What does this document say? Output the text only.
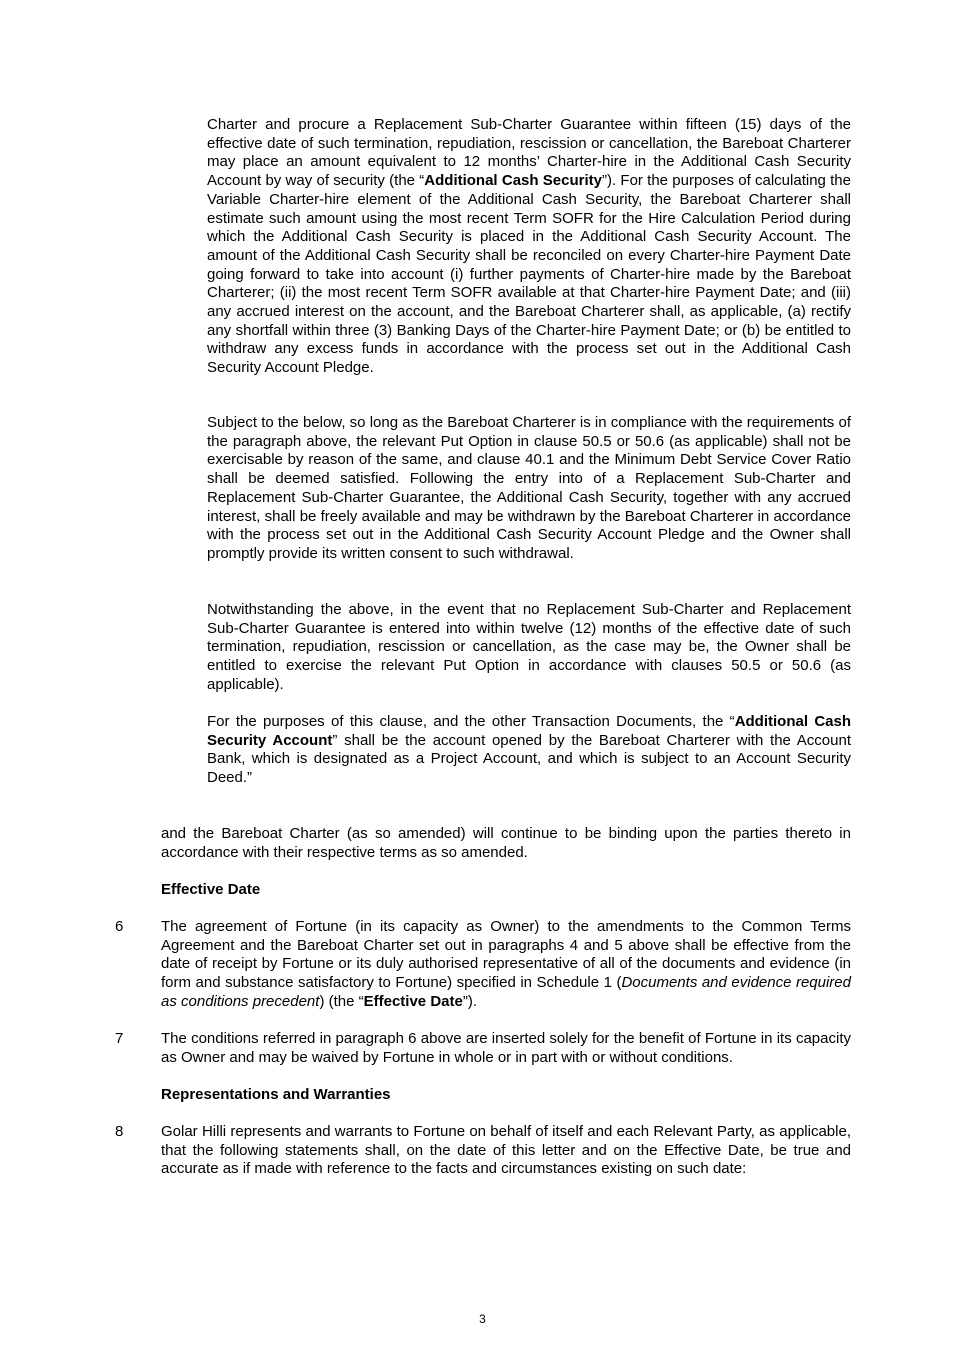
Charter and procure a Replacement Sub-Charter Guarantee within fifteen (15) days of the effective date of such termination, repudiation, rescission or cancellation, the Bareboat Charterer may place an amount equivalent to 12 months’ Charter-hire in the Additional Cash Security Account by way of security (the “Additional Cash Security”). For the purposes of calculating the Variable Charter-hire element of the Additional Cash Security, the Bareboat Charterer shall estimate such amount using the most recent Term SOFR for the Hire Calculation Period during which the Additional Cash Security is placed in the Additional Cash Security Account. The amount of the Additional Cash Security shall be reconciled on every Charter-hire Payment Date going forward to take into account (i) further payments of Charter-hire made by the Bareboat Charterer; (ii) the most recent Term SOFR available at that Charter-hire Payment Date; and (iii) any accrued interest on the account, and the Bareboat Charterer shall, as applicable, (a) rectify any shortfall within three (3) Banking Days of the Charter-hire Payment Date; or (b) be entitled to withdraw any excess funds in accordance with the process set out in the Additional Cash Security Account Pledge.
Subject to the below, so long as the Bareboat Charterer is in compliance with the requirements of the paragraph above, the relevant Put Option in clause 50.5 or 50.6 (as applicable) shall not be exercisable by reason of the same, and clause 40.1 and the Minimum Debt Service Cover Ratio shall be deemed satisfied. Following the entry into of a Replacement Sub-Charter and Replacement Sub-Charter Guarantee, the Additional Cash Security, together with any accrued interest, shall be freely available and may be withdrawn by the Bareboat Charterer in accordance with the process set out in the Additional Cash Security Account Pledge and the Owner shall promptly provide its written consent to such withdrawal.
Notwithstanding the above, in the event that no Replacement Sub-Charter and Replacement Sub-Charter Guarantee is entered into within twelve (12) months of the effective date of such termination, repudiation, rescission or cancellation, as the case may be, the Owner shall be entitled to exercise the relevant Put Option in accordance with clauses 50.5 or 50.6 (as applicable).
For the purposes of this clause, and the other Transaction Documents, the “Additional Cash Security Account” shall be the account opened by the Bareboat Charterer with the Account Bank, which is designated as a Project Account, and which is subject to an Account Security Deed.”
and the Bareboat Charter (as so amended) will continue to be binding upon the parties thereto in accordance with their respective terms as so amended.
Effective Date
6	The agreement of Fortune (in its capacity as Owner) to the amendments to the Common Terms Agreement and the Bareboat Charter set out in paragraphs 4 and 5 above shall be effective from the date of receipt by Fortune or its duly authorised representative of all of the documents and evidence (in form and substance satisfactory to Fortune) specified in Schedule 1 (Documents and evidence required as conditions precedent) (the “Effective Date”).
7	The conditions referred in paragraph 6 above are inserted solely for the benefit of Fortune in its capacity as Owner and may be waived by Fortune in whole or in part with or without conditions.
Representations and Warranties
8	Golar Hilli represents and warrants to Fortune on behalf of itself and each Relevant Party, as applicable, that the following statements shall, on the date of this letter and on the Effective Date, be true and accurate as if made with reference to the facts and circumstances existing on such date:
3
